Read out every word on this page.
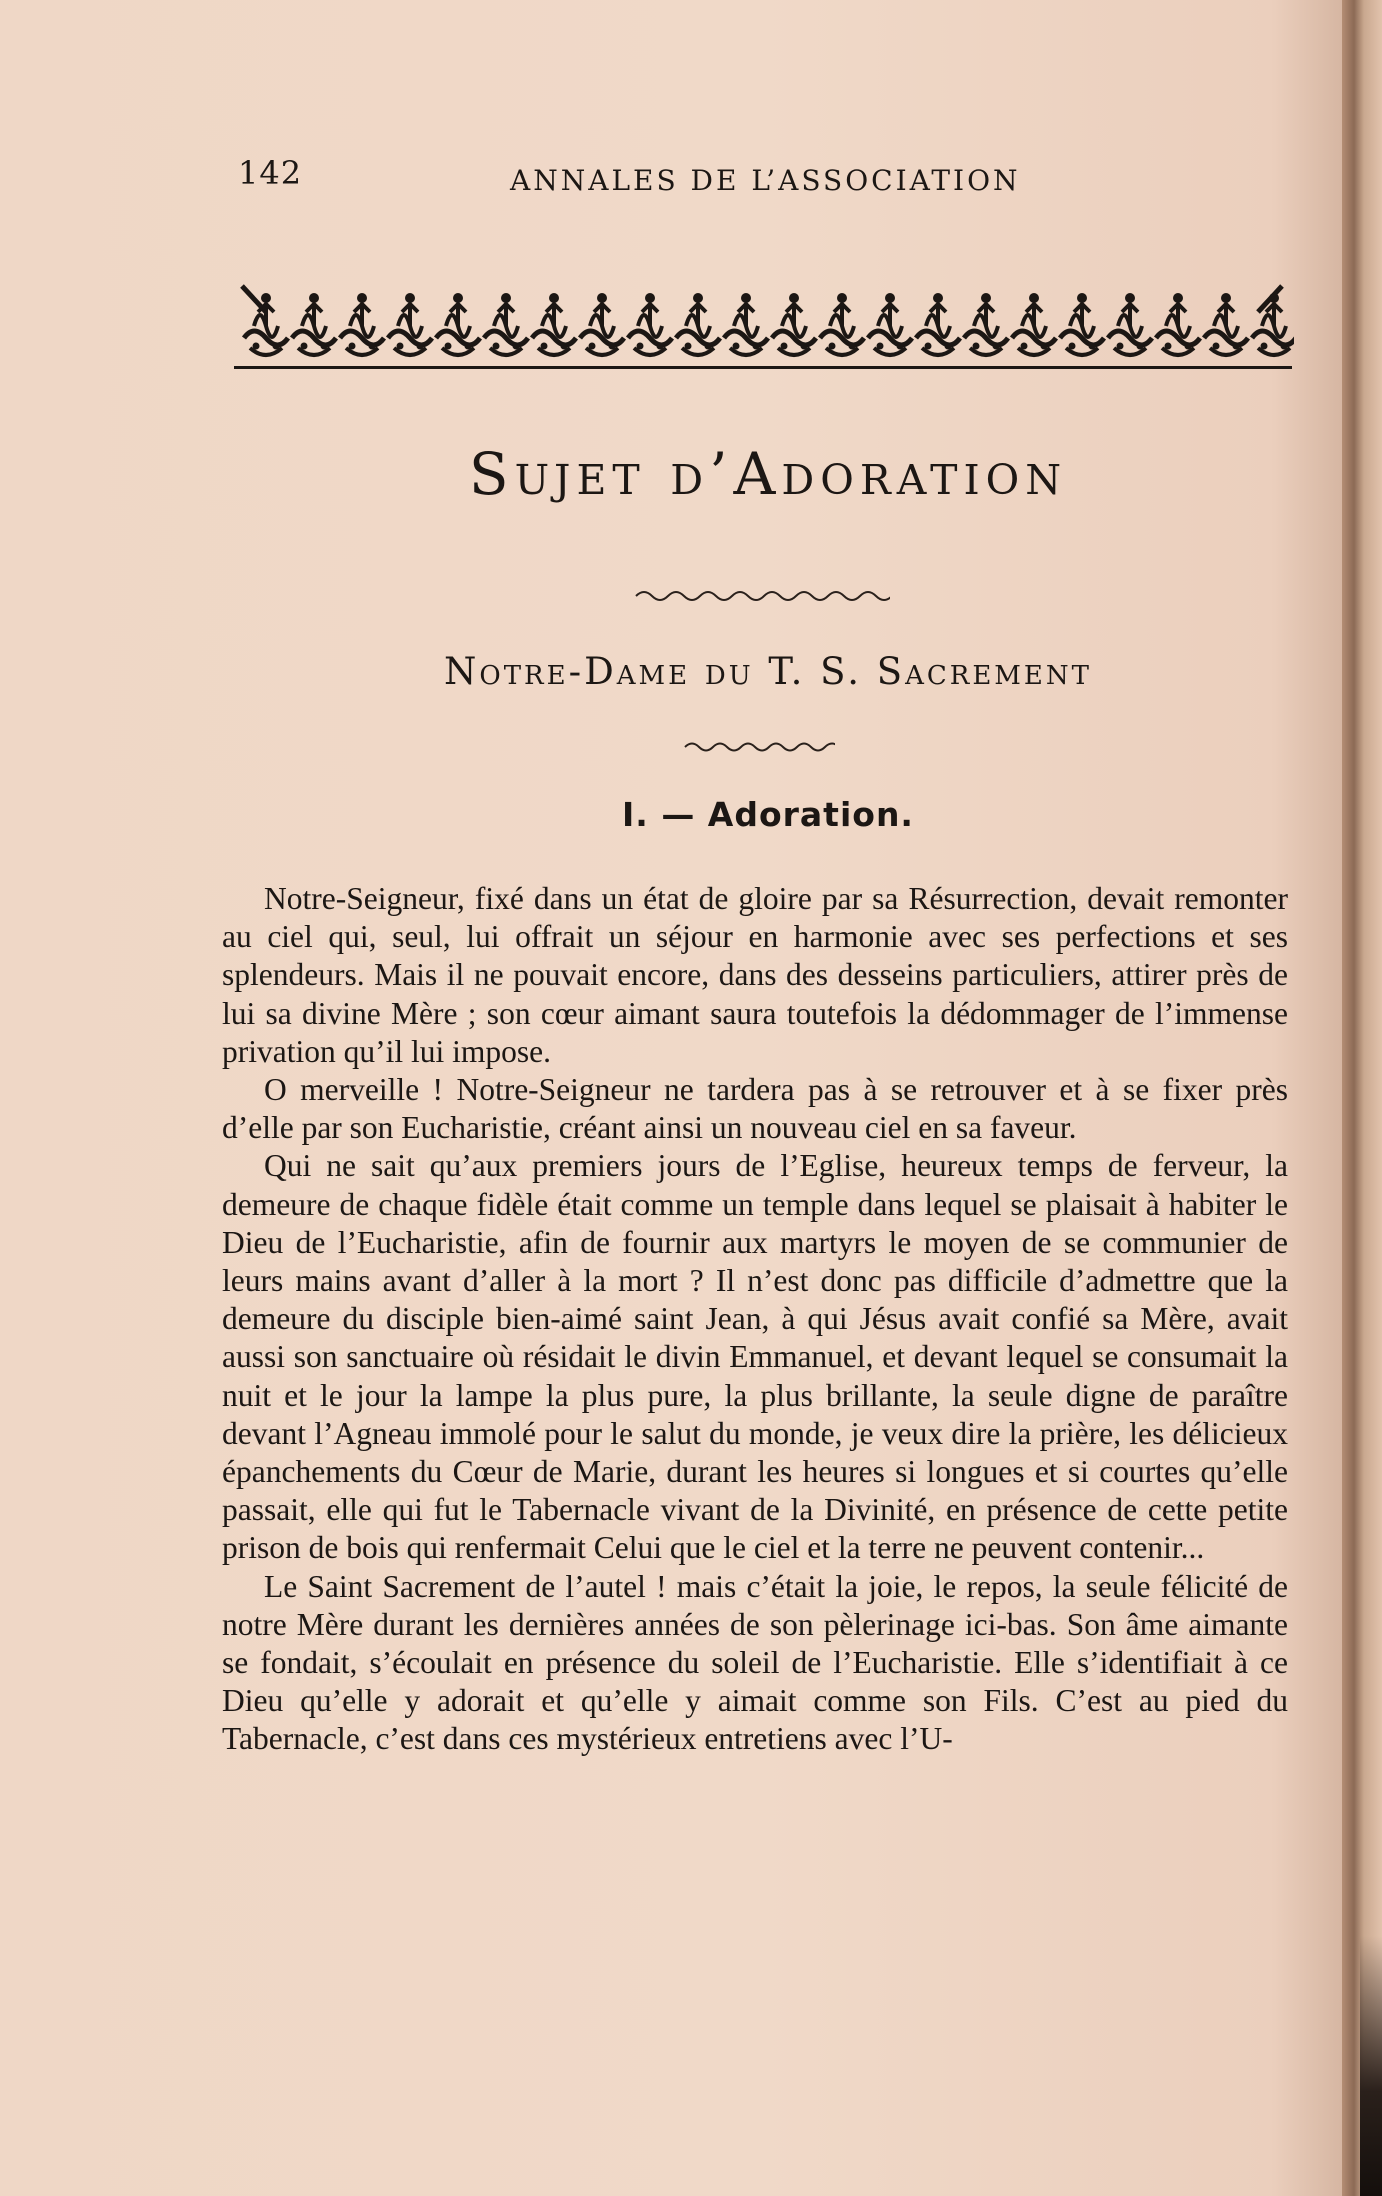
142	ANNALES DE L’ASSOCIATION
Sujet d’Adoration
Notre-Dame du T. S. Sacrement
I. — Adoration.

Notre-Seigneur, fixé dans un état de gloire par sa Résurrection, devait remonter au ciel qui, seul, lui offrait un séjour en harmonie avec ses perfections et ses splendeurs. Mais il ne pouvait encore, dans des desseins particuliers, attirer près de lui sa divine Mère ; son cœur aimant saura toutefois la dédommager de l’immense privation qu’il lui impose.

O merveille ! Notre-Seigneur ne tardera pas à se retrouver et à se fixer près d’elle par son Eucharistie, créant ainsi un nouveau ciel en sa faveur.

Qui ne sait qu’aux premiers jours de l’Eglise, heureux temps de ferveur, la demeure de chaque fidèle était comme un temple dans lequel se plaisait à habiter le Dieu de l’Eucharistie, afin de fournir aux martyrs le moyen de se communier de leurs mains avant d’aller à la mort ? Il n’est donc pas difficile d’admettre que la demeure du disciple bien-aimé saint Jean, à qui Jésus avait confié sa Mère, avait aussi son sanctuaire où résidait le divin Emmanuel, et devant lequel se consumait la nuit et le jour la lampe la plus pure, la plus brillante, la seule digne de paraître devant l’Agneau immolé pour le salut du monde, je veux dire la prière, les délicieux épanchements du Cœur de Marie, durant les heures si longues et si courtes qu’elle passait, elle qui fut le Tabernacle vivant de la Divinité, en présence de cette petite prison de bois qui renfermait Celui que le ciel et la terre ne peuvent contenir...

Le Saint Sacrement de l’autel ! mais c’était la joie, le repos, la seule félicité de notre Mère durant les dernières années de son pèlerinage ici-bas. Son âme aimante se fondait, s’écoulait en présence du soleil de l’Eucharistie. Elle s’identifiait à ce Dieu qu’elle y adorait et qu’elle y aimait comme son Fils. C’est au pied du Tabernacle, c’est dans ces mystérieux entretiens avec l’U-
